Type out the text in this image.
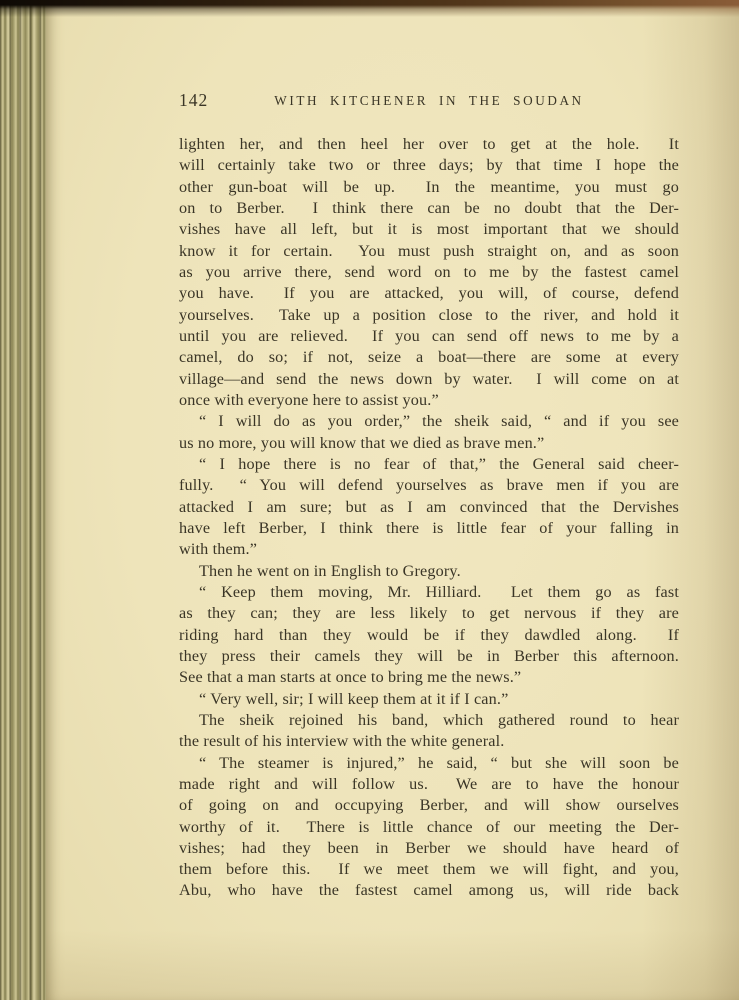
142	WITH KITCHENER IN THE SOUDAN
lighten her, and then heel her over to get at the hole.  It
will certainly take two or three days; by that time I hope the
other gun-boat will be up.  In the meantime, you must go
on to Berber.  I think there can be no doubt that the Der-
vishes have all left, but it is most important that we should
know it for certain.  You must push straight on, and as soon
as you arrive there, send word on to me by the fastest camel
you have.  If you are attacked, you will, of course, defend
yourselves.  Take up a position close to the river, and hold it
until you are relieved.  If you can send off news to me by a
camel, do so; if not, seize a boat—there are some at every
village—and send the news down by water.  I will come on at
once with everyone here to assist you.”
“ I will do as you order,” the sheik said, “ and if you see
us no more, you will know that we died as brave men.”
“ I hope there is no fear of that,” the General said cheer-
fully.  “ You will defend yourselves as brave men if you are
attacked I am sure; but as I am convinced that the Dervishes
have left Berber, I think there is little fear of your falling in
with them.”
Then he went on in English to Gregory.
“ Keep them moving, Mr. Hilliard.  Let them go as fast
as they can; they are less likely to get nervous if they are
riding hard than they would be if they dawdled along.  If
they press their camels they will be in Berber this afternoon.
See that a man starts at once to bring me the news.”
“ Very well, sir; I will keep them at it if I can.”
The sheik rejoined his band, which gathered round to hear
the result of his interview with the white general.
“ The steamer is injured,” he said, “ but she will soon be
made right and will follow us.  We are to have the honour
of going on and occupying Berber, and will show ourselves
worthy of it.  There is little chance of our meeting the Der-
vishes; had they been in Berber we should have heard of
them before this.  If we meet them we will fight, and you,
Abu, who have the fastest camel among us, will ride back
